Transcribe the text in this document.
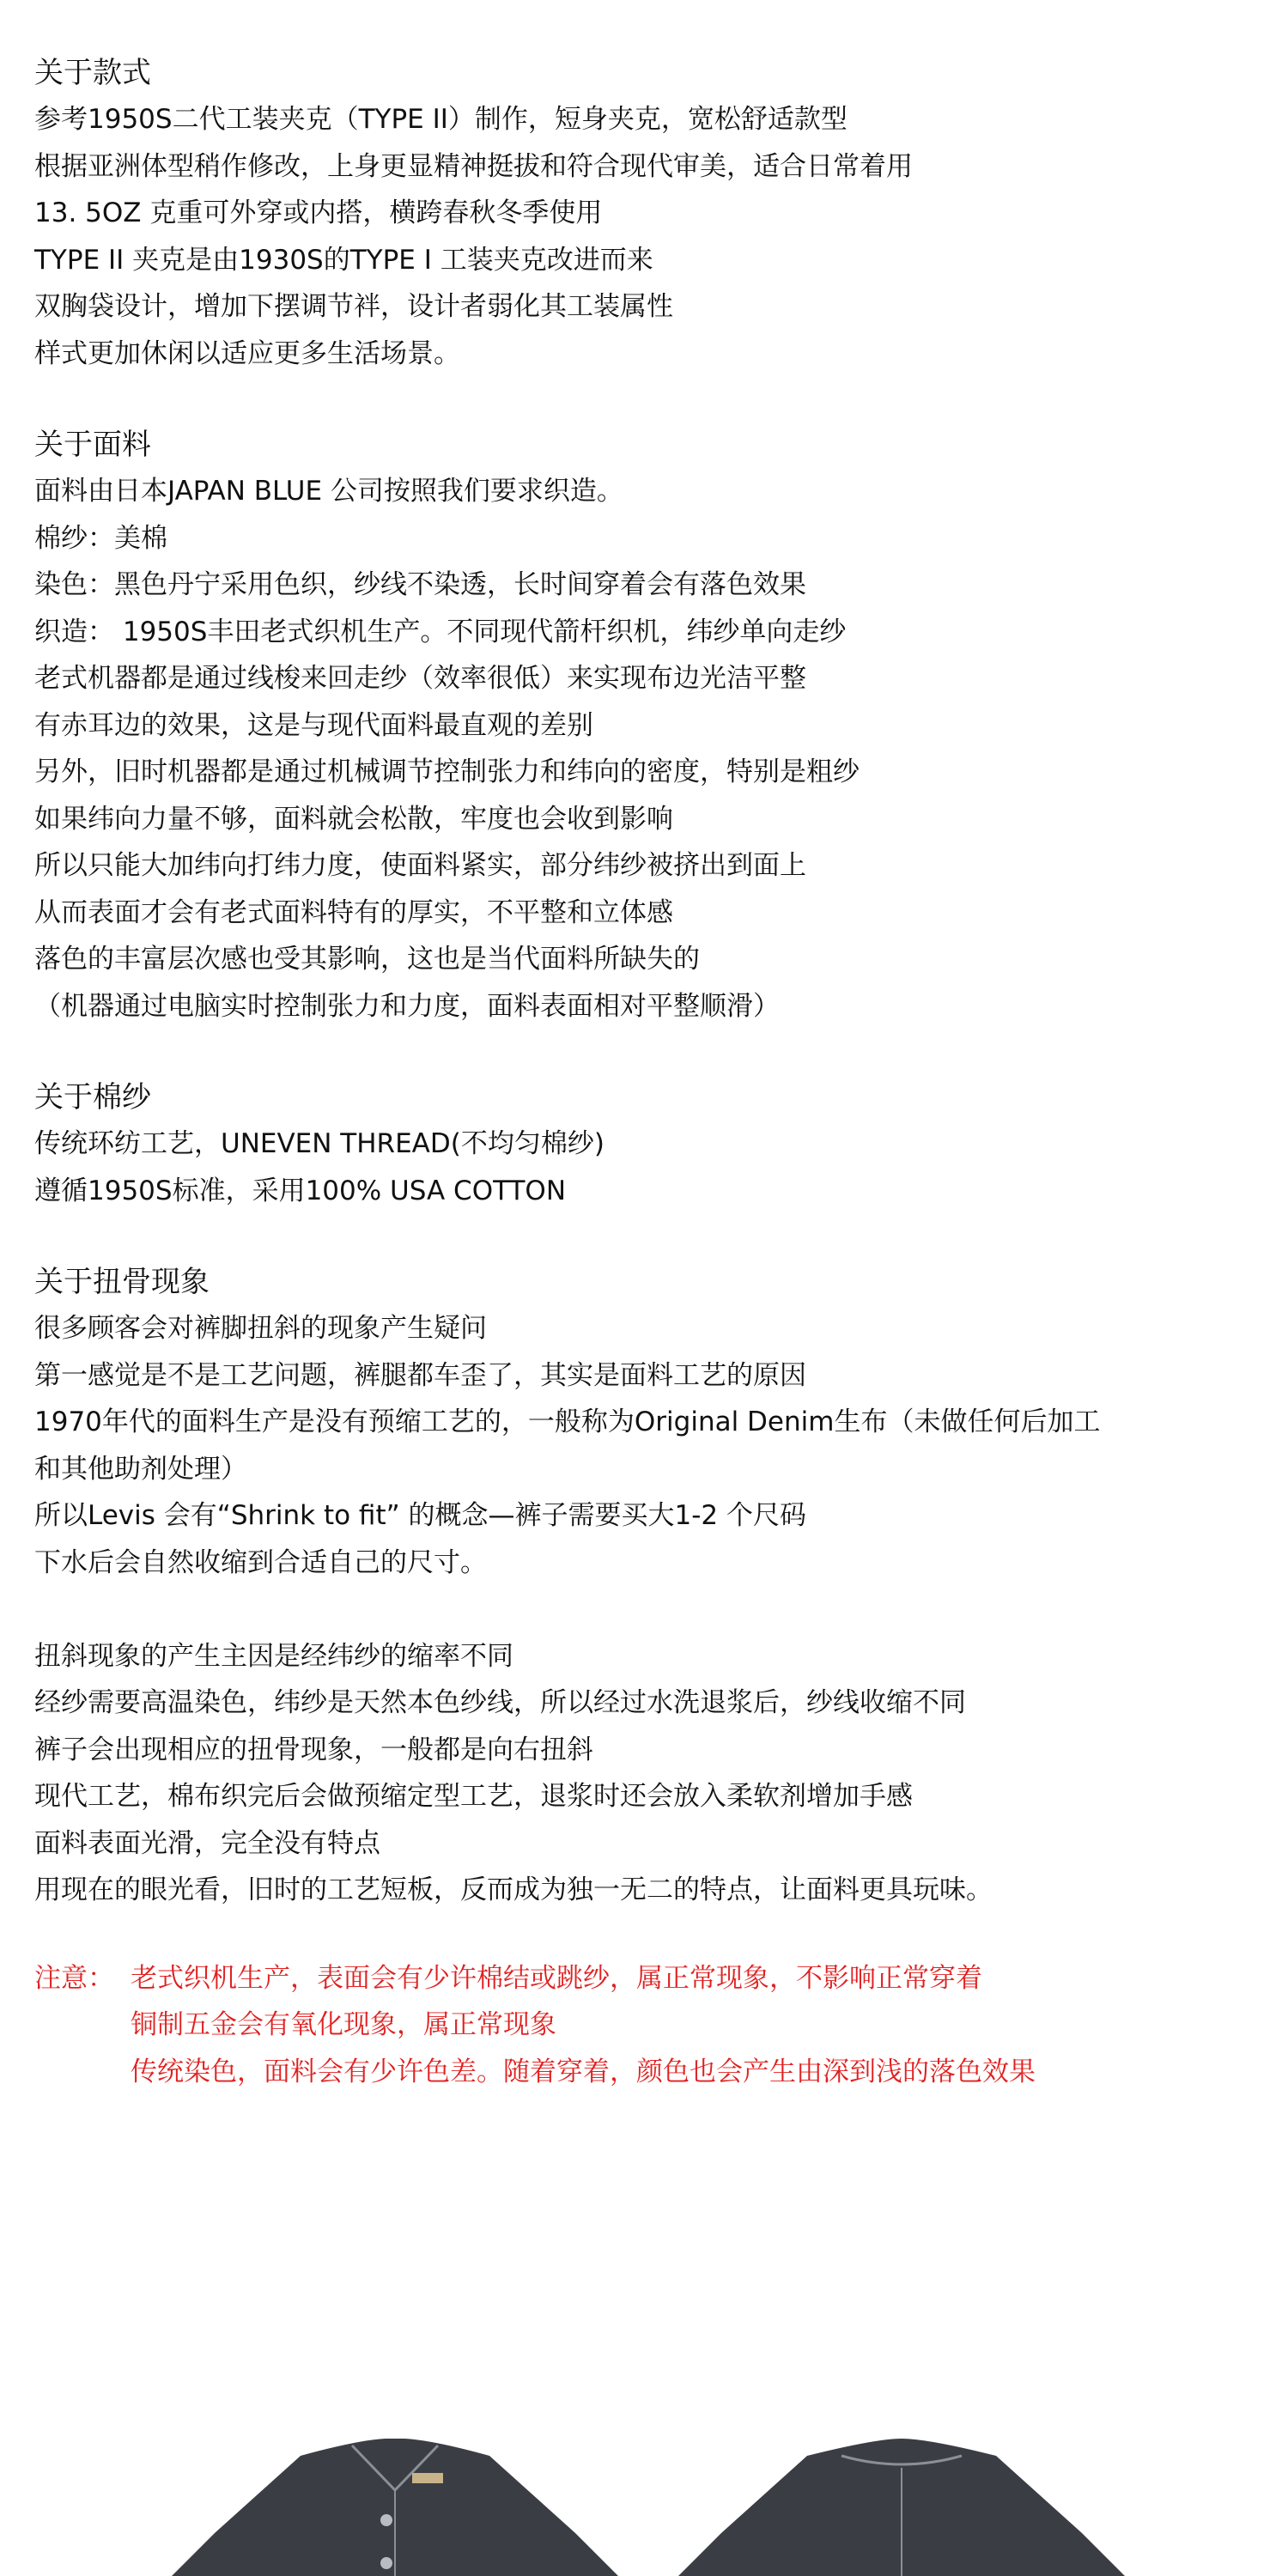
关于款式
参考1950S二代工装夹克（TYPE II）制作，短身夹克，宽松舒适款型
根据亚洲体型稍作修改，上身更显精神挺拔和符合现代审美，适合日常着用
13. 5OZ 克重可外穿或内搭，横跨春秋冬季使用
TYPE II 夹克是由1930S的TYPE I 工装夹克改进而来
双胸袋设计，增加下摆调节袢，设计者弱化其工装属性
样式更加休闲以适应更多生活场景。
关于面料
面料由日本JAPAN BLUE 公司按照我们要求织造。
棉纱：美棉
染色：黑色丹宁采用色织，纱线不染透，长时间穿着会有落色效果
织造： 1950S丰田老式织机生产。不同现代箭杆织机，纬纱单向走纱
老式机器都是通过线梭来回走纱（效率很低）来实现布边光洁平整
有赤耳边的效果，这是与现代面料最直观的差别
另外，旧时机器都是通过机械调节控制张力和纬向的密度，特别是粗纱
如果纬向力量不够，面料就会松散，牢度也会收到影响
所以只能大加纬向打纬力度，使面料紧实，部分纬纱被挤出到面上
从而表面才会有老式面料特有的厚实，不平整和立体感
落色的丰富层次感也受其影响，这也是当代面料所缺失的
（机器通过电脑实时控制张力和力度，面料表面相对平整顺滑）
关于棉纱
传统环纺工艺，UNEVEN THREAD(不均匀棉纱)
遵循1950S标准，采用100% USA COTTON
关于扭骨现象
很多顾客会对裤脚扭斜的现象产生疑问
第一感觉是不是工艺问题，裤腿都车歪了，其实是面料工艺的原因
1970年代的面料生产是没有预缩工艺的，一般称为Original Denim生布（未做任何后加工
和其他助剂处理）
所以Levis 会有“Shrink to fit” 的概念—裤子需要买大1-2 个尺码
下水后会自然收缩到合适自己的尺寸。
扭斜现象的产生主因是经纬纱的缩率不同
经纱需要高温染色，纬纱是天然本色纱线，所以经过水洗退浆后，纱线收缩不同
裤子会出现相应的扭骨现象，一般都是向右扭斜
现代工艺，棉布织完后会做预缩定型工艺，退浆时还会放入柔软剂增加手感
面料表面光滑，完全没有特点
用现在的眼光看，旧时的工艺短板，反而成为独一无二的特点，让面料更具玩味。
注意： 老式织机生产，表面会有少许棉结或跳纱，属正常现象，不影响正常穿着
铜制五金会有氧化现象，属正常现象
传统染色，面料会有少许色差。随着穿着，颜色也会产生由深到浅的落色效果
